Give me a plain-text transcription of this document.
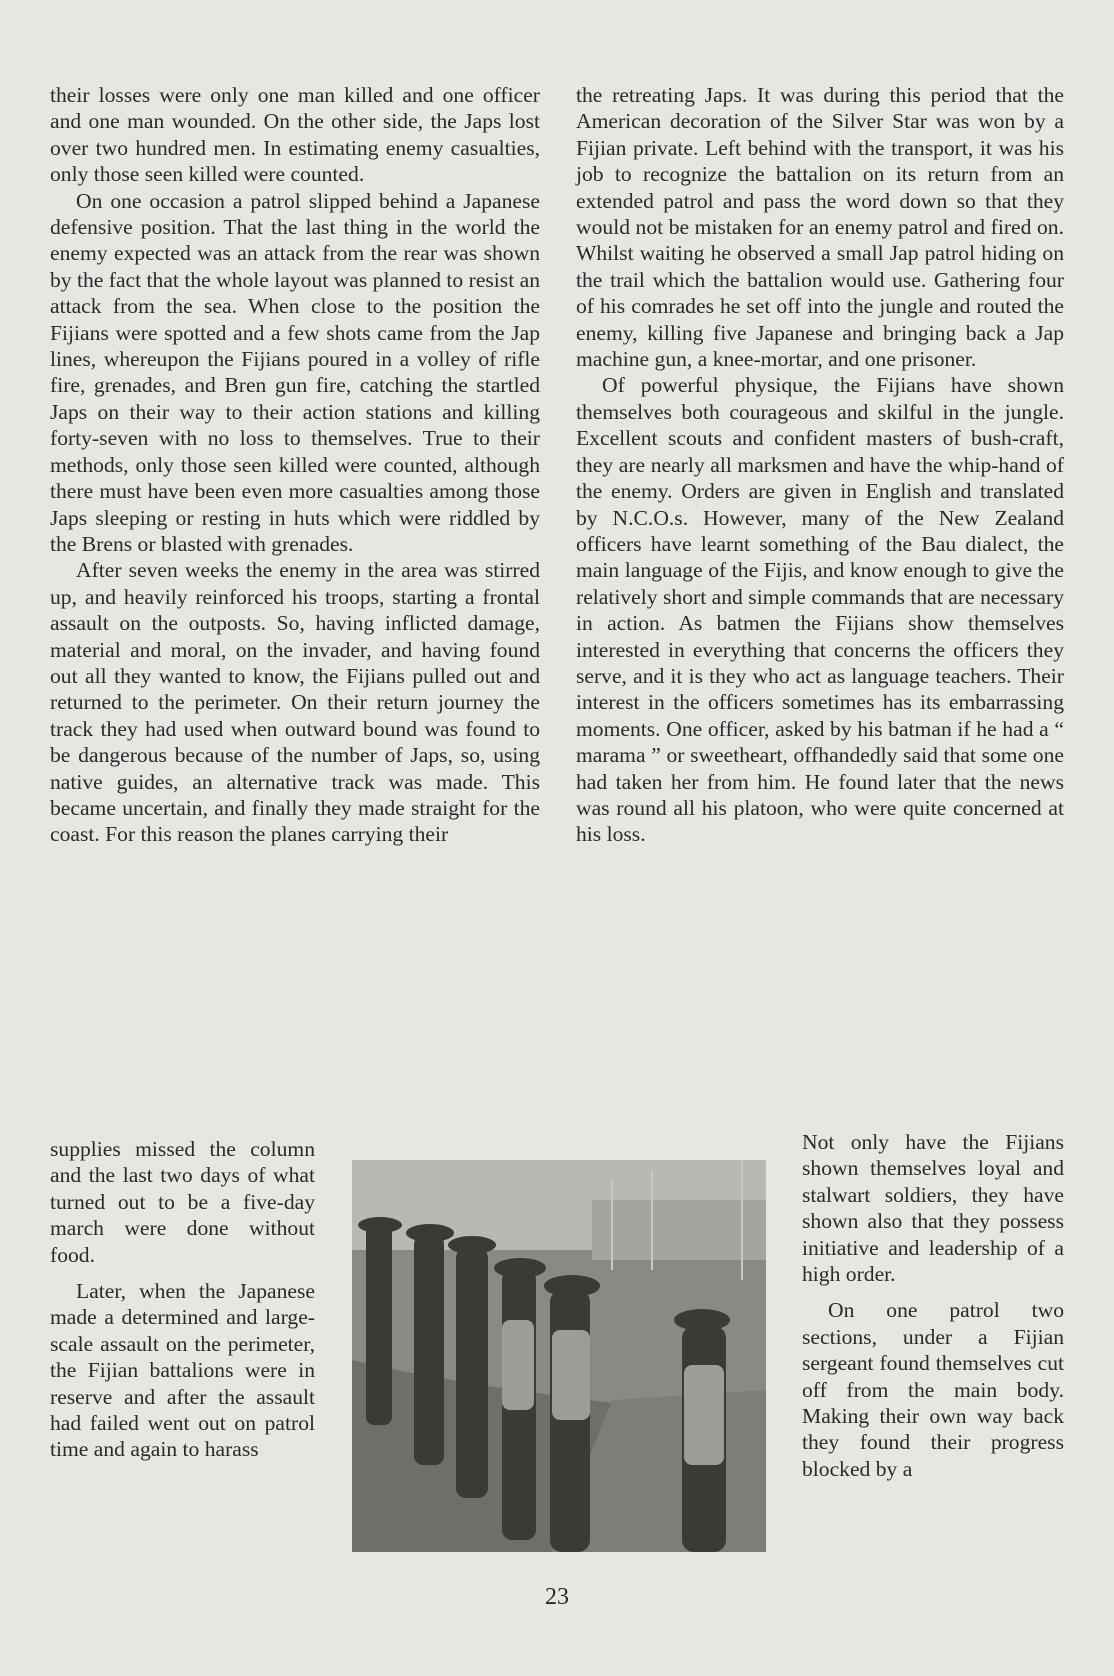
their losses were only one man killed and one officer and one man wounded. On the other side, the Japs lost over two hundred men. In estimating enemy casualties, only those seen killed were counted.

On one occasion a patrol slipped behind a Japanese defensive position. That the last thing in the world the enemy expected was an attack from the rear was shown by the fact that the whole layout was planned to resist an attack from the sea. When close to the position the Fijians were spotted and a few shots came from the Jap lines, whereupon the Fijians poured in a volley of rifle fire, grenades, and Bren gun fire, catching the startled Japs on their way to their action stations and killing forty-seven with no loss to themselves. True to their methods, only those seen killed were counted, although there must have been even more casualties among those Japs sleeping or resting in huts which were riddled by the Brens or blasted with grenades.

After seven weeks the enemy in the area was stirred up, and heavily reinforced his troops, starting a frontal assault on the outposts. So, having inflicted damage, material and moral, on the invader, and having found out all they wanted to know, the Fijians pulled out and returned to the perimeter. On their return journey the track they had used when outward bound was found to be dangerous because of the number of Japs, so, using native guides, an alternative track was made. This became uncertain, and finally they made straight for the coast. For this reason the planes carrying their

supplies missed the column and the last two days of what turned out to be a five-day march were done without food.

Later, when the Japanese made a determined and large-scale assault on the perimeter, the Fijian battalions were in reserve and after the assault had failed went out on patrol time and again to harass

the retreating Japs. It was during this period that the American decoration of the Silver Star was won by a Fijian private. Left behind with the transport, it was his job to recognize the battalion on its return from an extended patrol and pass the word down so that they would not be mistaken for an enemy patrol and fired on. Whilst waiting he observed a small Jap patrol hiding on the trail which the battalion would use. Gathering four of his comrades he set off into the jungle and routed the enemy, killing five Japanese and bringing back a Jap machine gun, a knee-mortar, and one prisoner.

Of powerful physique, the Fijians have shown themselves both courageous and skilful in the jungle. Excellent scouts and confident masters of bush-craft, they are nearly all marksmen and have the whip-hand of the enemy. Orders are given in English and translated by N.C.O.s. However, many of the New Zealand officers have learnt something of the Bau dialect, the main language of the Fijis, and know enough to give the relatively short and simple commands that are necessary in action. As batmen the Fijians show themselves interested in everything that concerns the officers they serve, and it is they who act as language teachers. Their interest in the officers sometimes has its embarrassing moments. One officer, asked by his batman if he had a “ marama ” or sweetheart, offhandedly said that some one had taken her from him. He found later that the news was round all his platoon, who were quite concerned at his loss.

Not only have the Fijians shown themselves loyal and stalwart soldiers, they have shown also that they possess initiative and leadership of a high order.

On one patrol two sections, under a Fijian sergeant found themselves cut off from the main body. Making their own way back they found their progress blocked by a

23
